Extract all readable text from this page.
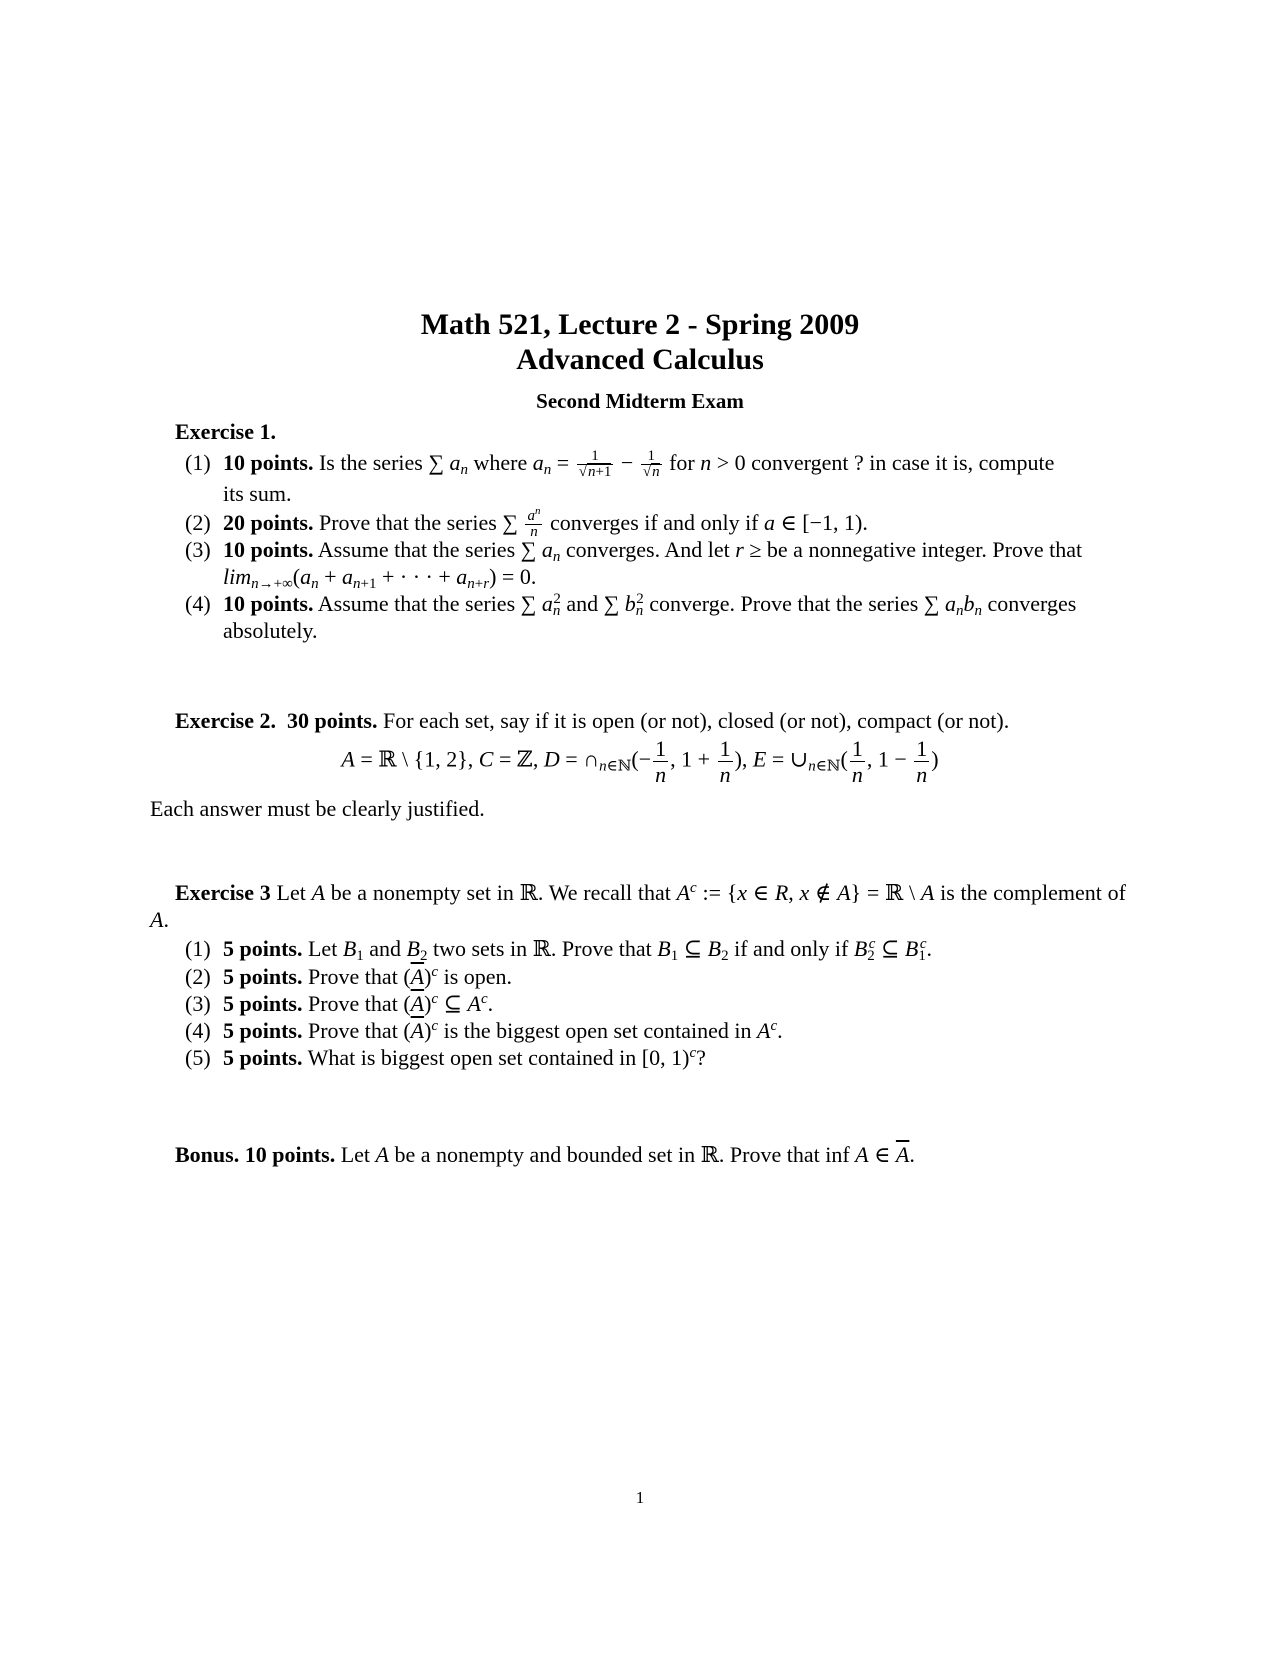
Math 521, Lecture 2 - Spring 2009
Advanced Calculus
Second Midterm Exam
Exercise 1.
(1) 10 points. Is the series ∑ $a_n$ where $a_n = \frac{1}{√n+1} - \frac{1}{√n}$ for n > 0 convergent ? in case it is, compute
its sum.
(2) 20 points. Prove that the series ∑ $\frac{a^n}{n}$ converges if and only if a ∈ [−1, 1).
(3) 10 points. Assume that the series ∑ $a_n$ converges. And let r ≥ be a nonnegative integer. Prove that
$\lim_{n\to+\infty}(a_n + a_{n+1}$ + · · · + $a_{n+r}) = 0$.
(4) 10 points. Assume that the series ∑ $a_n^2$ and ∑ $b_n^2$ converge. Prove that the series ∑ $a_nb_n$ converges
absolutely.
Exercise 2. 30 points. For each set, say if it is open (or not), closed (or not), compact (or not).
A = ℝ \ {1, 2}, C = ℤ, $D = \cap_{n\in ℕ}(- \frac{1}{n}$ , $1 + \frac{1}{n}$ ), $E = \cup_{n\in ℕ}( \frac{1}{n}$ , $1 - \frac{1}{n}$ )
Each answer must be clearly justified.
Exercise 3 Let A be a nonempty set in ℝ. We recall that $A^c$ := {x ∈ R, x ∉ A} = ℝ \ A is the complement of A.
(1) 5 points. Let $B_1$ and $B_2$ two sets in ℝ. Prove that $B_1$ ⊆ $B_2$ if and only if $B_2^c$ ⊆ $B_1^c$.
(2) 5 points. Prove that $(\overline{A})^c$ is open.
(3) 5 points. Prove that $(\overline{A})^c$ ⊆ $A^c$.
(4) 5 points. Prove that $(\overline{A})^c$ is the biggest open set contained in $A^c$.
(5) 5 points. What is biggest open set contained in [0, 1)$^c$?
Bonus. 10 points. Let A be a nonempty and bounded set in ℝ. Prove that inf A ∈ $\overline{A}$.
1
